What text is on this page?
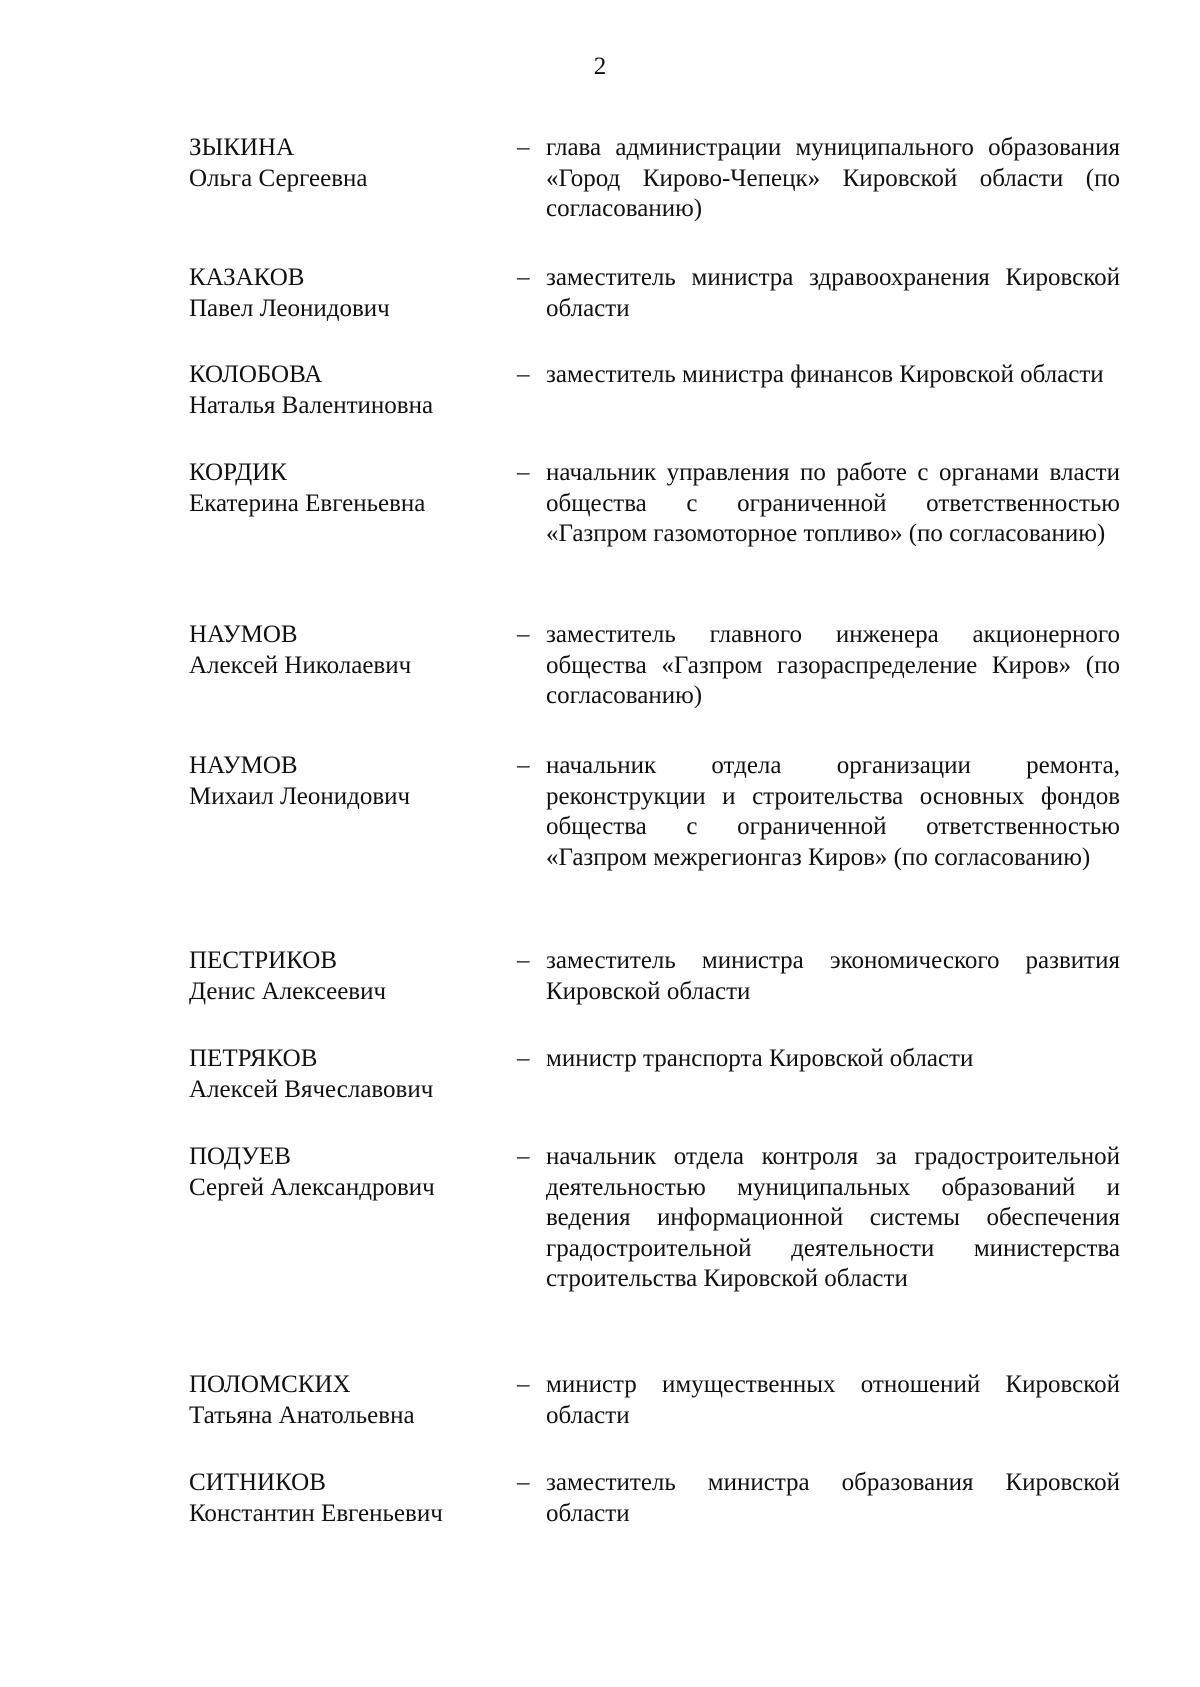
2
ЗЫКИНА
Ольга Сергеевна
– глава администрации муниципального образования «Город Кирово-Чепецк» Кировской области (по согласованию)
КАЗАКОВ
Павел Леонидович
– заместитель министра здравоохранения Кировской области
КОЛОБОВА
Наталья Валентиновна
– заместитель министра финансов Кировской области
КОРДИК
Екатерина Евгеньевна
– начальник управления по работе с органами власти общества с ограниченной ответственностью «Газпром газомоторное топливо» (по согласованию)
НАУМОВ
Алексей Николаевич
– заместитель главного инженера акционерного общества «Газпром газораспределение Киров» (по согласованию)
НАУМОВ
Михаил Леонидович
– начальник отдела организации ремонта, реконструкции и строительства основных фондов общества с ограниченной ответственностью «Газпром межрегионгаз Киров» (по согласованию)
ПЕСТРИКОВ
Денис Алексеевич
– заместитель министра экономического развития Кировской области
ПЕТРЯКОВ
Алексей Вячеславович
– министр транспорта Кировской области
ПОДУЕВ
Сергей Александрович
– начальник отдела контроля за градостроительной деятельностью муниципальных образований и ведения информационной системы обеспечения градостроительной деятельности министерства строительства Кировской области
ПОЛОМСКИХ
Татьяна Анатольевна
– министр имущественных отношений Кировской области
СИТНИКОВ
Константин Евгеньевич
– заместитель министра образования Кировской области
